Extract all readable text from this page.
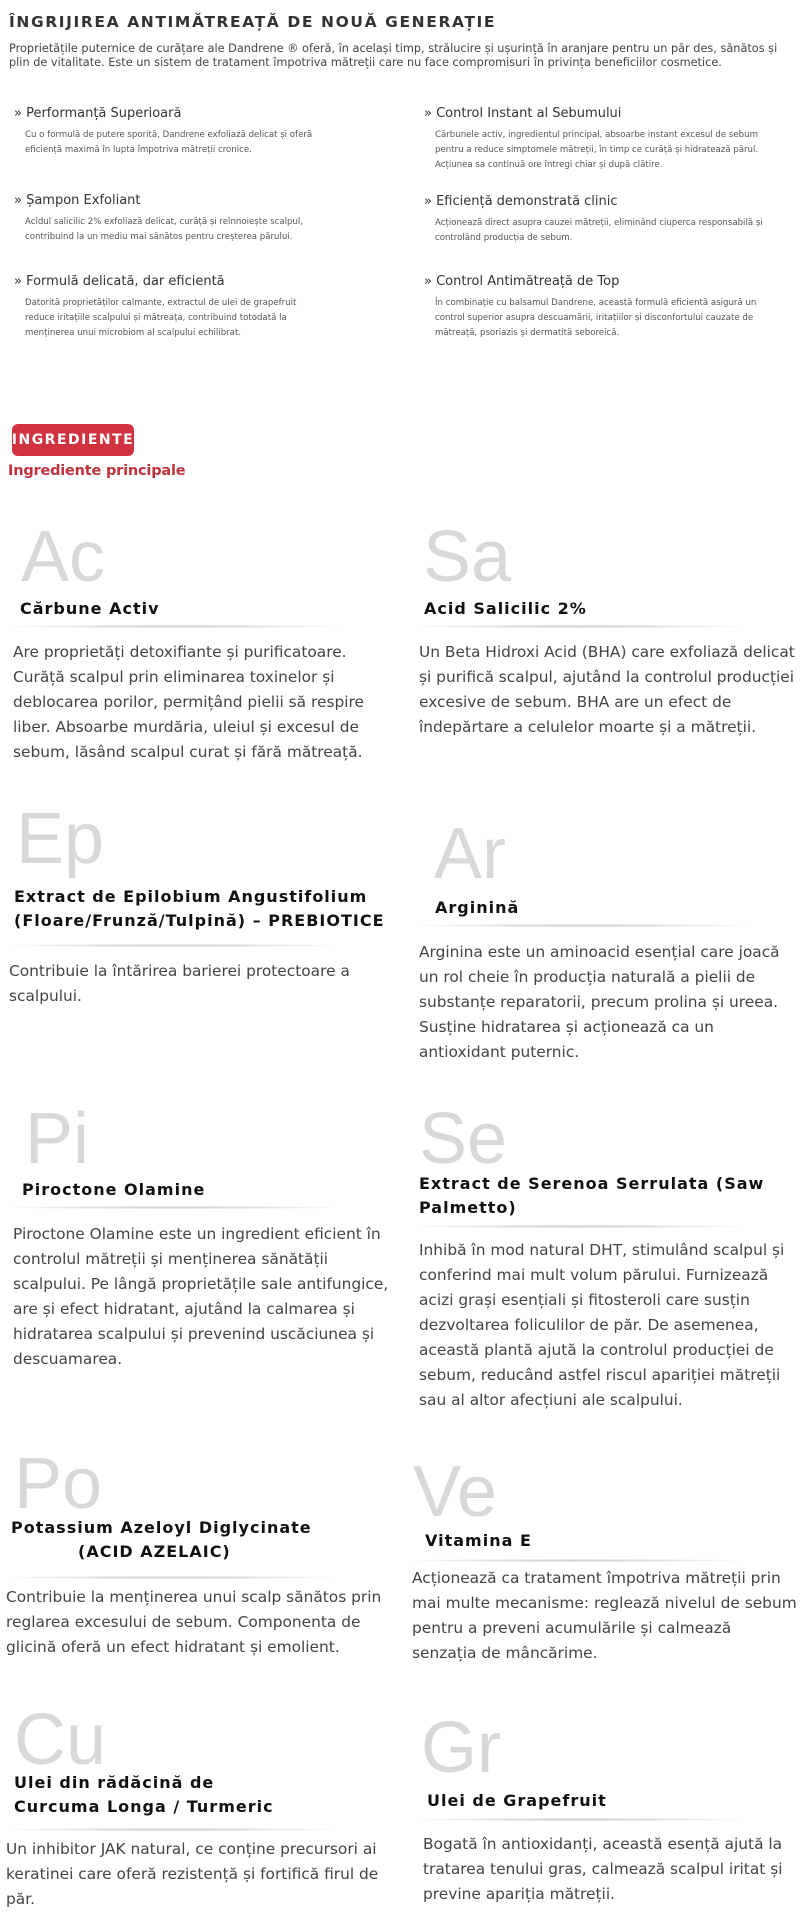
ÎNGRIJIREA ANTIMĂTREAȚĂ DE NOUĂ GENERAȚIE

Proprietățile puternice de curățare ale Dandrene ® oferă, în același timp, strălucire și ușurință în aranjare pentru un păr des, sănătos și plin de vitalitate. Este un sistem de tratament împotriva mătreții care nu face compromisuri în privința beneficiilor cosmetice.

» Performanță Superioară

Cu o formulă de putere sporită, Dandrene exfoliază delicat și oferă eficiență maximă în lupta împotriva mătreții cronice.

» Control Instant al Sebumului

Cărbunele activ, ingredientul principal, absoarbe instant excesul de sebum pentru a reduce simptomele mătreții, în timp ce curăță și hidratează părul. Acțiunea sa continuă ore întregi chiar și după clătire.

» Șampon Exfoliant

Acidul salicilic 2% exfoliază delicat, curăță și reînnoiește scalpul, contribuind la un mediu mai sănătos pentru creșterea părului.

» Eficiență demonstrată clinic

Acționează direct asupra cauzei mătreții, eliminând ciuperca responsabilă și controlând producția de sebum.

» Formulă delicată, dar eficientă

Datorită proprietăților calmante, extractul de ulei de grapefruit reduce iritațiile scalpului și mătreața, contribuind totodată la menținerea unui microbiom al scalpului echilibrat.

» Control Antimătreață de Top

În combinație cu balsamul Dandrene, această formulă eficientă asigură un control superior asupra descuamării, iritațiilor și disconfortului cauzate de mătreață, psoriazis și dermatită seboreică.

INGREDIENTE

Ingrediente principale

Ac

Cărbune Activ

Are proprietăți detoxifiante și purificatoare. Curăță scalpul prin eliminarea toxinelor și deblocarea porilor, permițând pielii să respire liber. Absoarbe murdăria, uleiul și excesul de sebum, lăsând scalpul curat și fără mătreață.

Sa

Acid Salicilic 2%

Un Beta Hidroxi Acid (BHA) care exfoliază delicat și purifică scalpul, ajutând la controlul producției excesive de sebum. BHA are un efect de îndepărtare a celulelor moarte și a mătreții.

Ep

Extract de Epilobium Angustifolium (Floare/Frunză/Tulpină) – PREBIOTICE

Contribuie la întărirea barierei protectoare a scalpului.

Ar

Arginină

Arginina este un aminoacid esențial care joacă un rol cheie în producția naturală a pielii de substanțe reparatorii, precum prolina și ureea. Susține hidratarea și acționează ca un antioxidant puternic.

Pi

Piroctone Olamine

Piroctone Olamine este un ingredient eficient în controlul mătreții și menținerea sănătății scalpului. Pe lângă proprietățile sale antifungice, are și efect hidratant, ajutând la calmarea și hidratarea scalpului și prevenind uscăciunea și descuamarea.

Se

Extract de Serenoa Serrulata (Saw Palmetto)

Inhibă în mod natural DHT, stimulând scalpul și conferind mai mult volum părului. Furnizează acizi grași esențiali și fitosteroli care susțin dezvoltarea foliculilor de păr. De asemenea, această plantă ajută la controlul producției de sebum, reducând astfel riscul apariției mătreții sau al altor afecțiuni ale scalpului.

Po

Potassium Azeloyl Diglycinate

(ACID AZELAIC)

Contribuie la menținerea unui scalp sănătos prin reglarea excesului de sebum. Componenta de glicină oferă un efect hidratant și emolient.

Ve

Vitamina E

Acționează ca tratament împotriva mătreții prin mai multe mecanisme: reglează nivelul de sebum pentru a preveni acumulările și calmează senzația de mâncărime.

Cu

Ulei din rădăcină de Curcuma Longa / Turmeric

Un inhibitor JAK natural, ce conține precursori ai keratinei care oferă rezistență și fortifică firul de păr.

Gr

Ulei de Grapefruit

Bogată în antioxidanți, această esență ajută la tratarea tenului gras, calmează scalpul iritat și previne apariția mătreții.
